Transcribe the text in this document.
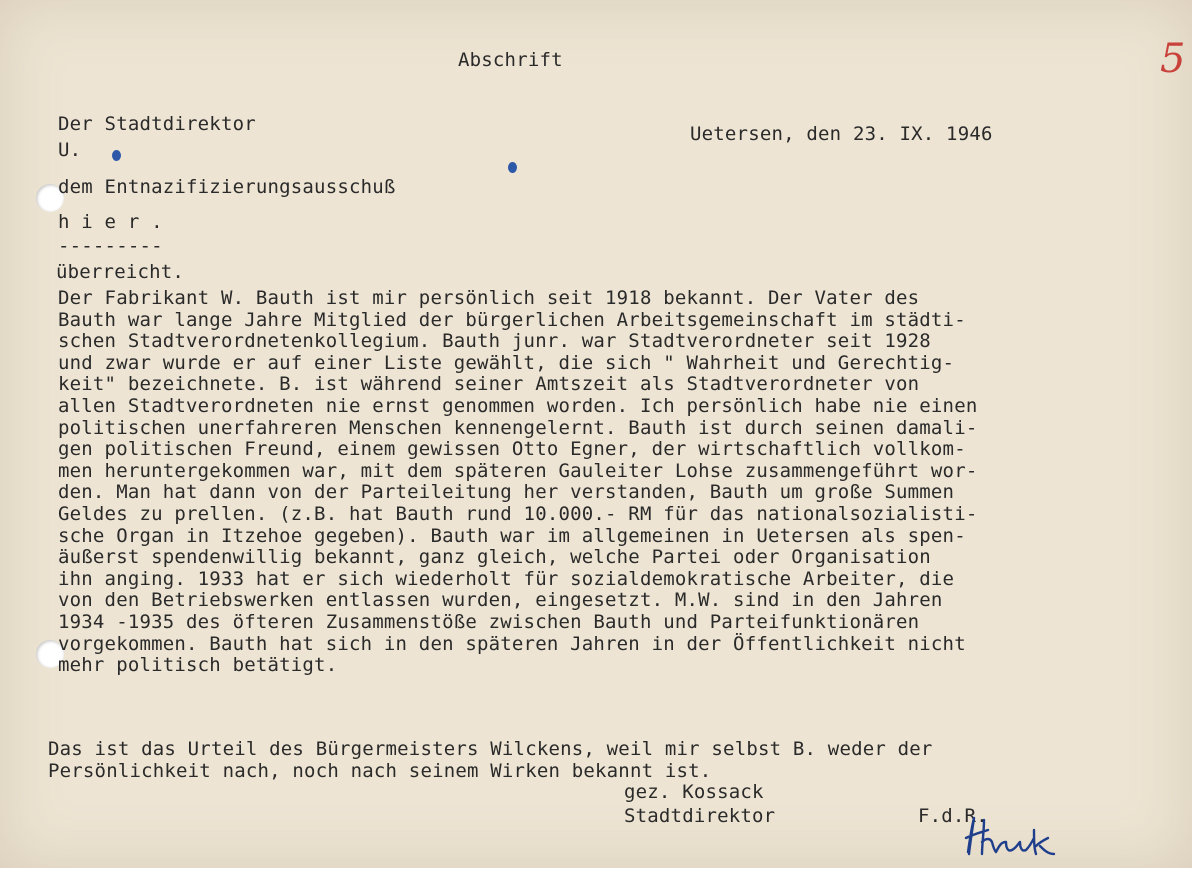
5
Abschrift
Der Stadtdirektor
U.
Uetersen, den 23. IX. 1946
dem Entnazifizierungsausschuß
h i e r .
---------
überreicht.
Der Fabrikant W. Bauth ist mir persönlich seit 1918 bekannt. Der Vater des
Bauth war lange Jahre Mitglied der bürgerlichen Arbeitsgemeinschaft im städti-
schen Stadtverordnetenkollegium. Bauth junr. war Stadtverordneter seit 1928
und zwar wurde er auf einer Liste gewählt, die sich " Wahrheit und Gerechtig-
keit" bezeichnete. B. ist während seiner Amtszeit als Stadtverordneter von
allen Stadtverordneten nie ernst genommen worden. Ich persönlich habe nie einen
politischen unerfahreren Menschen kennengelernt. Bauth ist durch seinen damali-
gen politischen Freund, einem gewissen Otto Egner, der wirtschaftlich vollkom-
men heruntergekommen war, mit dem späteren Gauleiter Lohse zusammengeführt wor-
den. Man hat dann von der Parteileitung her verstanden, Bauth um große Summen
Geldes zu prellen. (z.B. hat Bauth rund 10.000.- RM für das nationalsozialisti-
sche Organ in Itzehoe gegeben). Bauth war im allgemeinen in Uetersen als spen-
äußerst spendenwillig bekannt, ganz gleich, welche Partei oder Organisation
ihn anging. 1933 hat er sich wiederholt für sozialdemokratische Arbeiter, die
von den Betriebswerken entlassen wurden, eingesetzt. M.W. sind in den Jahren
1934 -1935 des öfteren Zusammenstöße zwischen Bauth und Parteifunktionären
vorgekommen. Bauth hat sich in den späteren Jahren in der Öffentlichkeit nicht
mehr politisch betätigt.
Das ist das Urteil des Bürgermeisters Wilckens, weil mir selbst B. weder der
Persönlichkeit nach, noch nach seinem Wirken bekannt ist.
gez. Kossack
Stadtdirektor	F.d.R.
